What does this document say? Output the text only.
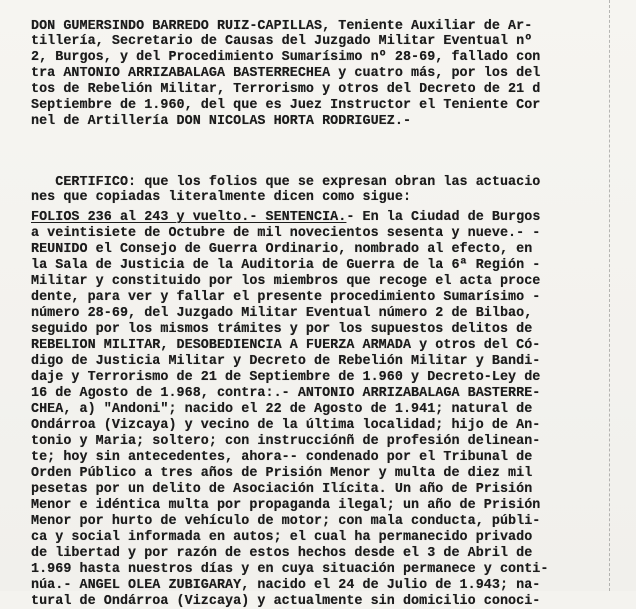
DON GUMERSINDO BARREDO RUIZ-CAPILLAS, Teniente Auxiliar de Ar-
tillería, Secretario de Causas del Juzgado Militar Eventual nº
2, Burgos, y del Procedimiento Sumarísimo nº 28-69, fallado con
tra ANTONIO ARRIZABALAGA BASTERRECHEA y cuatro más, por los del
tos de Rebelión Militar, Terrorismo y otros del Decreto de 21 d
Septiembre de 1.960, del que es Juez Instructor el Teniente Cor
nel de Artillería DON NICOLAS HORTA RODRIGUEZ.-
CERTIFICO: que los folios que se expresan obran las actuacio
nes que copiadas literalmente dicen como sigue:
FOLIOS 236 al 243 y vuelto.- SENTENCIA.- En la Ciudad de Burgos
a veintisiete de Octubre de mil novecientos sesenta y nueve.- -
REUNIDO el Consejo de Guerra Ordinario, nombrado al efecto, en
la Sala de Justicia de la Auditoria de Guerra de la 6ª Región -
Militar y constituido por los miembros que recoge el acta proce
dente, para ver y fallar el presente procedimiento Sumarísimo -
número 28-69, del Juzgado Militar Eventual número 2 de Bilbao,
seguido por los mismos trámites y por los supuestos delitos de
REBELION MILITAR, DESOBEDIENCIA A FUERZA ARMADA y otros del Có-
digo de Justicia Militar y Decreto de Rebelión Militar y Bandi-
daje y Terrorismo de 21 de Septiembre de 1.960 y Decreto-Ley de
16 de Agosto de 1.968, contra:.- ANTONIO ARRIZABALAGA BASTERRE-
CHEA, a) "Andoni"; nacido el 22 de Agosto de 1.941; natural de
Ondárroa (Vizcaya) y vecino de la última localidad; hijo de An-
tonio y Maria; soltero; con instrucciónñ de profesión delinean-
te; hoy sin antecedentes, ahora-- condenado por el Tribunal de
Orden Público a tres años de Prisión Menor y multa de diez mil
pesetas por un delito de Asociación Ilícita. Un año de Prisión
Menor e idéntica multa por propaganda ilegal; un año de Prisión
Menor por hurto de vehículo de motor; con mala conducta, públi-
ca y social informada en autos; el cual ha permanecido privado
de libertad y por razón de estos hechos desde el 3 de Abril de
1.969 hasta nuestros días y en cuya situación permanece y conti-
núa.- ANGEL OLEA ZUBIGARAY, nacido el 24 de Julio de 1.943; na-
tural de Ondárroa (Vizcaya) y actualmente sin domicilio conoci-
